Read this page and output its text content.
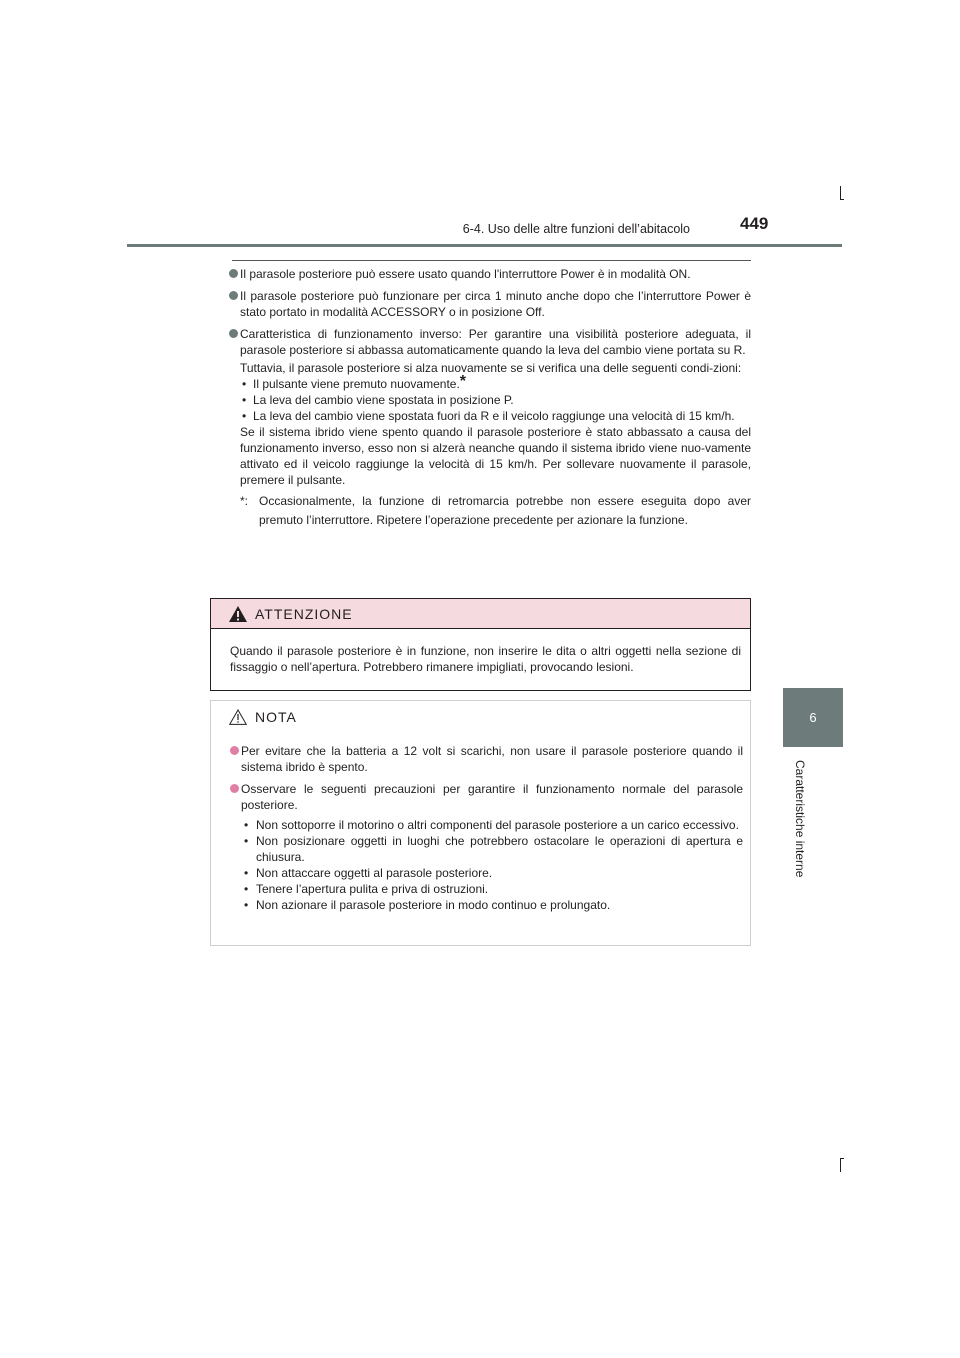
6-4. Uso delle altre funzioni dell’abitacolo	449
6
Caratteristiche interne
Il parasole posteriore può essere usato quando l'interruttore Power è in modalità ON.
Il parasole posteriore può funzionare per circa 1 minuto anche dopo che l’interruttore Power è stato portato in modalità ACCESSORY o in posizione Off.
Caratteristica di funzionamento inverso: Per garantire una visibilità posteriore adeguata, il parasole posteriore si abbassa automaticamente quando la leva del cambio viene portata su R.
Tuttavia, il parasole posteriore si alza nuovamente se si verifica una delle seguenti condi-zioni:
• Il pulsante viene premuto nuovamente.*
• La leva del cambio viene spostata in posizione P.
• La leva del cambio viene spostata fuori da R e il veicolo raggiunge una velocità di 15 km/h.
Se il sistema ibrido viene spento quando il parasole posteriore è stato abbassato a causa del funzionamento inverso, esso non si alzerà neanche quando il sistema ibrido viene nuo-vamente attivato ed il veicolo raggiunge la velocità di 15 km/h. Per sollevare nuovamente il parasole, premere il pulsante.
*: Occasionalmente, la funzione di retromarcia potrebbe non essere eseguita dopo aver premuto l’interruttore. Ripetere l’operazione precedente per azionare la funzione.
ATTENZIONE
Quando il parasole posteriore è in funzione, non inserire le dita o altri oggetti nella sezione di fissaggio o nell’apertura. Potrebbero rimanere impigliati, provocando lesioni.
NOTA
Per evitare che la batteria a 12 volt si scarichi, non usare il parasole posteriore quando il sistema ibrido è spento.
Osservare le seguenti precauzioni per garantire il funzionamento normale del parasole posteriore.
• Non sottoporre il motorino o altri componenti del parasole posteriore a un carico eccessivo.
• Non posizionare oggetti in luoghi che potrebbero ostacolare le operazioni di apertura e chiusura.
• Non attaccare oggetti al parasole posteriore.
• Tenere l’apertura pulita e priva di ostruzioni.
• Non azionare il parasole posteriore in modo continuo e prolungato.
